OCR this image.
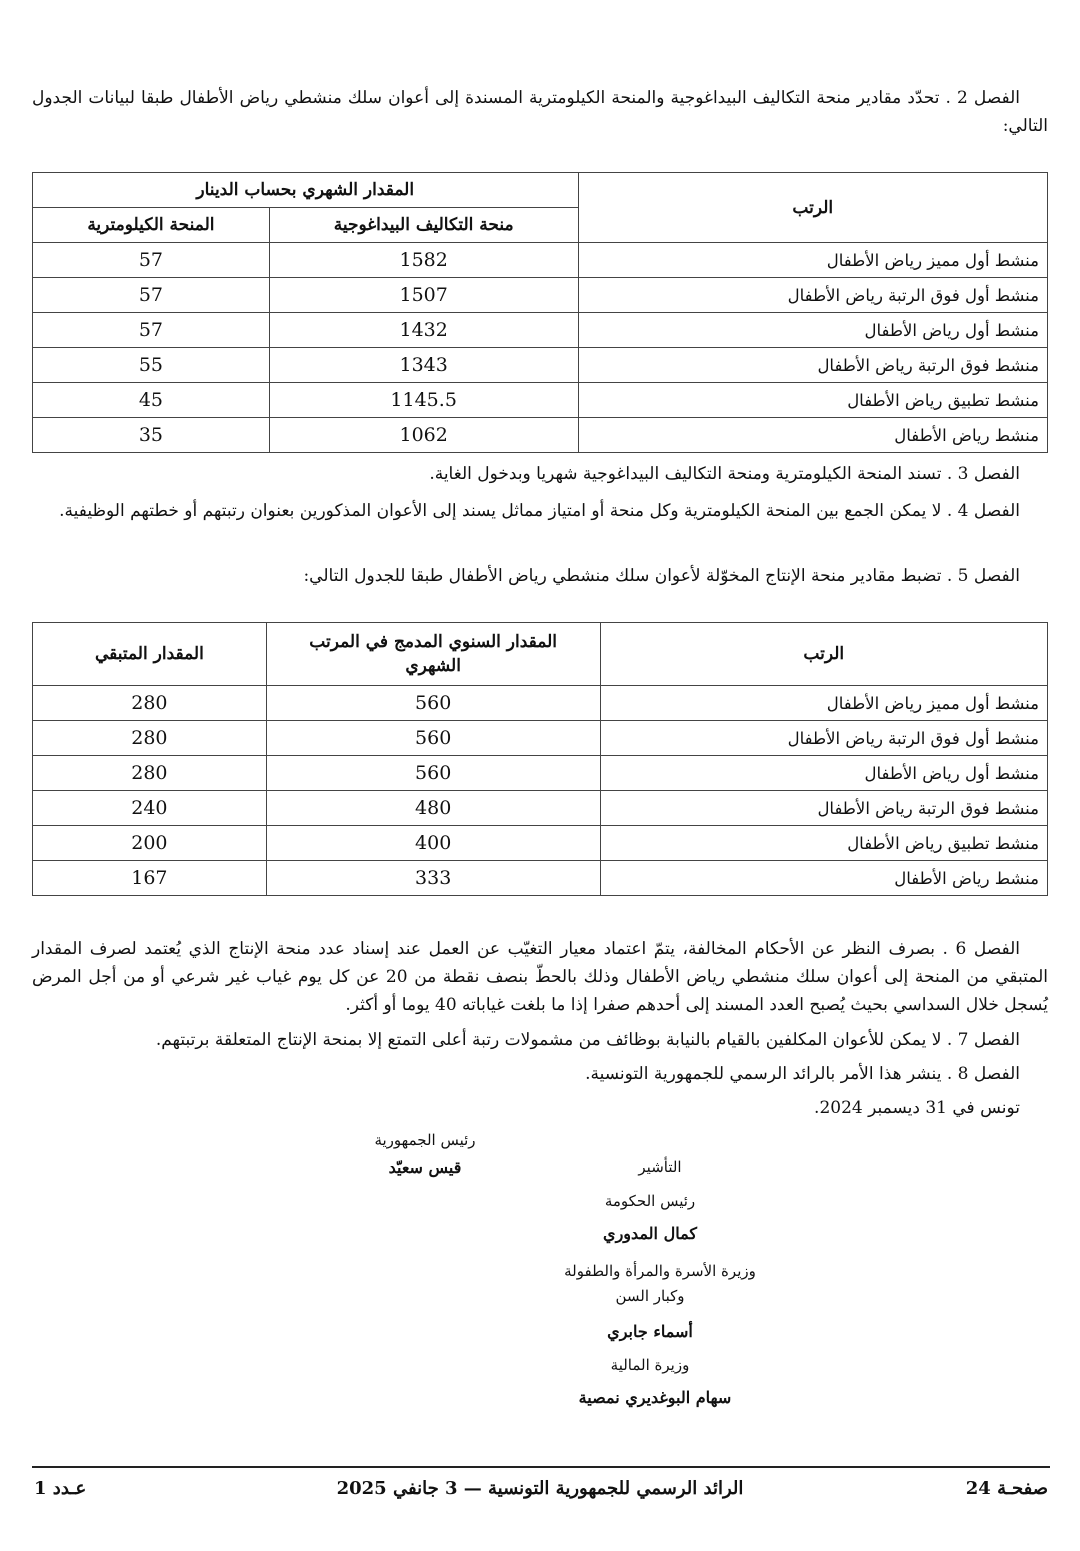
الفصل 2 . تحدّد مقادير منحة التكاليف البيداغوجية والمنحة الكيلومترية المسندة إلى أعوان سلك منشطي رياض الأطفال طبقا لبيانات الجدول التالي:

الرتب	المقدار الشهري بحساب الدينار	
	منحة التكاليف البيداغوجية	المنحة الكيلومترية
منشط أول مميز رياض الأطفال	1582	57
منشط أول فوق الرتبة رياض الأطفال	1507	57
منشط أول رياض الأطفال	1432	57
منشط فوق الرتبة رياض الأطفال	1343	55
منشط تطبيق رياض الأطفال	1145.5	45
منشط رياض الأطفال	1062	35

الفصل 3 . تسند المنحة الكيلومترية ومنحة التكاليف البيداغوجية شهريا وبدخول الغاية.

الفصل 4 . لا يمكن الجمع بين المنحة الكيلومترية وكل منحة أو امتياز مماثل يسند إلى الأعوان المذكورين بعنوان رتبتهم أو خطتهم الوظيفية.

الفصل 5 . تضبط مقادير منحة الإنتاج المخوّلة لأعوان سلك منشطي رياض الأطفال طبقا للجدول التالي:

الرتب	المقدار السنوي المدمج في المرتب الشهري	المقدار المتبقي
منشط أول مميز رياض الأطفال	560	280
منشط أول فوق الرتبة رياض الأطفال	560	280
منشط أول رياض الأطفال	560	280
منشط فوق الرتبة رياض الأطفال	480	240
منشط تطبيق رياض الأطفال	400	200
منشط رياض الأطفال	333	167

الفصل 6 . بصرف النظر عن الأحكام المخالفة، يتمّ اعتماد معيار التغيّب عن العمل عند إسناد عدد منحة الإنتاج الذي يُعتمد لصرف المقدار المتبقي من المنحة إلى أعوان سلك منشطي رياض الأطفال وذلك بالحطّ بنصف نقطة من 20 عن كل يوم غياب غير شرعي أو من أجل المرض يُسجل خلال السداسي بحيث يُصبح العدد المسند إلى أحدهم صفرا إذا ما بلغت غياباته 40 يوما أو أكثر.

الفصل 7 . لا يمكن للأعوان المكلفين بالقيام بالنيابة بوظائف من مشمولات رتبة أعلى التمتع إلا بمنحة الإنتاج المتعلقة برتبتهم.

الفصل 8 . ينشر هذا الأمر بالرائد الرسمي للجمهورية التونسية.

تونس في 31 ديسمبر 2024.

رئيس الجمهورية
قيس سعيّد	التأشير
رئيس الحكومة
كمال المدوري
وزيرة الأسرة والمرأة والطفولة
وكبار السن
أسماء جابري
وزيرة المالية
سهام البوغديري نمصية
صفحـة 24
الرائد الرسمي للجمهورية التونسية — 3 جانفي 2025
عـدد 1
